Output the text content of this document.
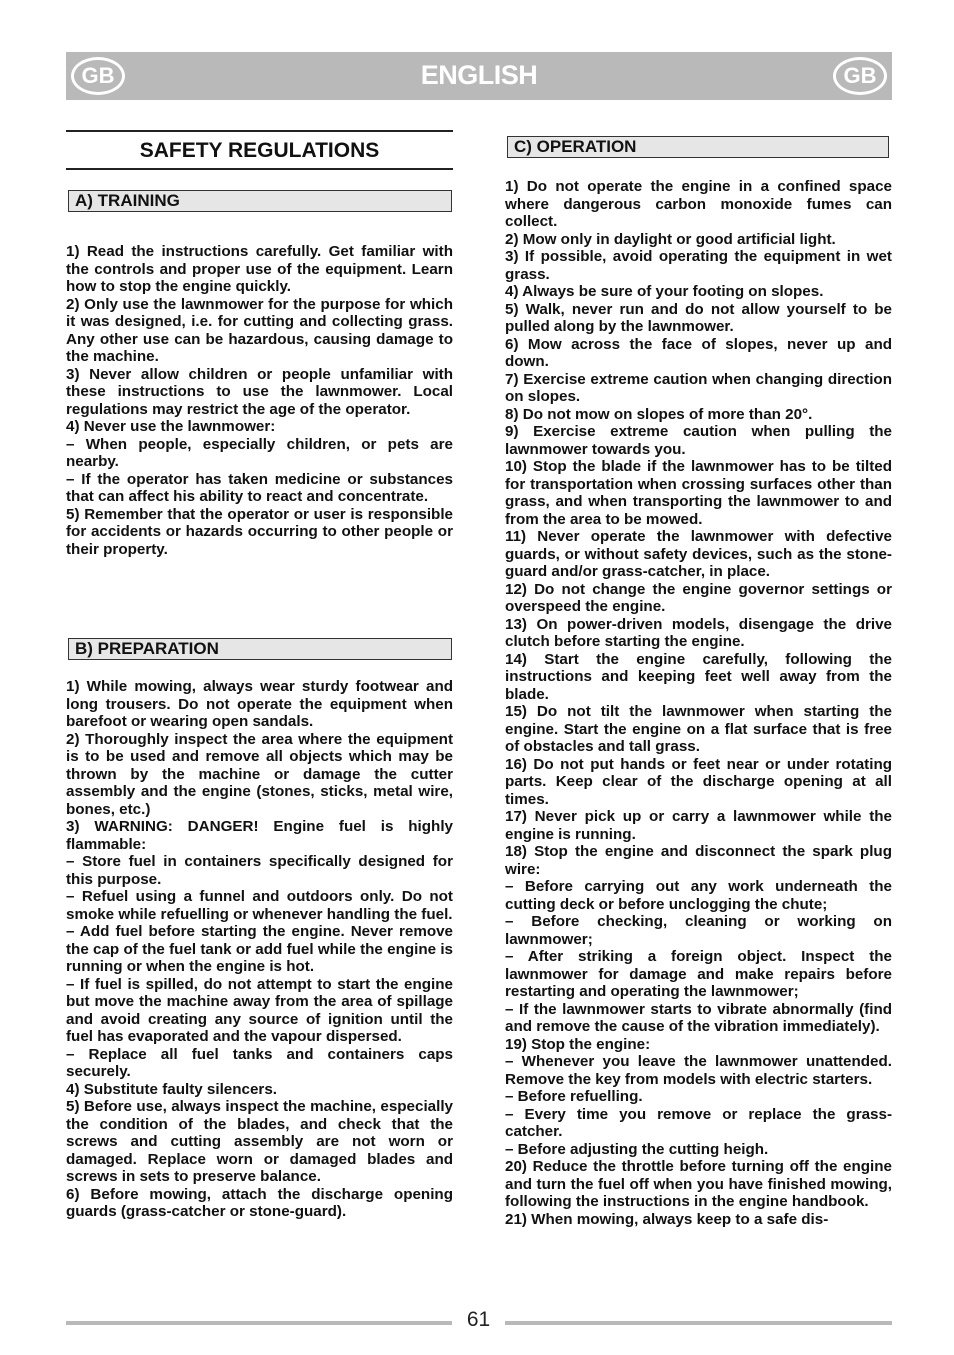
GB	ENGLISH	GB
SAFETY REGULATIONS
A) TRAINING

1) Read the instructions carefully. Get familiar with the controls and proper use of the equipment. Learn how to stop the engine quickly.

2) Only use the lawnmower for the purpose for which it was designed, i.e. for cutting and collecting grass. Any other use can be hazardous, causing damage to the machine.

3) Never allow children or people unfamiliar with these instructions to use the lawnmower. Local regulations may restrict the age of the operator.

4) Never use the lawnmower:

– When people, especially children, or pets are nearby.

– If the operator has taken medicine or substances that can affect his ability to react and concentrate.

5) Remember that the operator or user is responsible for accidents or hazards occurring to other people or their property.

B) PREPARATION

1) While mowing, always wear sturdy footwear and long trousers. Do not operate the equipment when barefoot or wearing open sandals.

2) Thoroughly inspect the area where the equipment is to be used and remove all objects which may be thrown by the machine or damage the cutter assembly and the engine (stones, sticks, metal wire, bones, etc.)

3) WARNING: DANGER! Engine fuel is highly flammable:

– Store fuel in containers specifically designed for this purpose.

– Refuel using a funnel and outdoors only. Do not smoke while refuelling or whenever handling the fuel.

– Add fuel before starting the engine. Never remove the cap of the fuel tank or add fuel while the engine is running or when the engine is hot.

– If fuel is spilled, do not attempt to start the engine but move the machine away from the area of spillage and avoid creating any source of ignition until the fuel has evaporated and the vapour dispersed.

– Replace all fuel tanks and containers caps securely.

4) Substitute faulty silencers.

5) Before use, always inspect the machine, especially the condition of the blades, and check that the screws and cutting assembly are not worn or damaged. Replace worn or damaged blades and screws in sets to preserve balance.

6) Before mowing, attach the discharge opening guards (grass-catcher or stone-guard).

C) OPERATION

1) Do not operate the engine in a confined space where dangerous carbon monoxide fumes can collect.

2) Mow only in daylight or good artificial light.

3) If possible, avoid operating the equipment in wet grass.

4) Always be sure of your footing on slopes.

5) Walk, never run and do not allow yourself to be pulled along by the lawnmower.

6) Mow across the face of slopes, never up and down.

7) Exercise extreme caution when changing direction on slopes.

8) Do not mow on slopes of more than 20°.

9) Exercise extreme caution when pulling the lawnmower towards you.

10) Stop the blade if the lawnmower has to be tilted for transportation when crossing surfaces other than grass, and when transporting the lawnmower to and from the area to be mowed.

11) Never operate the lawnmower with defective guards, or without safety devices, such as the stone-guard and/or grass-catcher, in place.

12) Do not change the engine governor settings or overspeed the engine.

13) On power-driven models, disengage the drive clutch before starting the engine.

14) Start the engine carefully, following the instructions and keeping feet well away from the blade.

15) Do not tilt the lawnmower when starting the engine. Start the engine on a flat surface that is free of obstacles and tall grass.

16) Do not put hands or feet near or under rotating parts. Keep clear of the discharge opening at all times.

17) Never pick up or carry a lawnmower while the engine is running.

18) Stop the engine and disconnect the spark plug wire:

– Before carrying out any work underneath the cutting deck or before unclogging the chute;

– Before checking, cleaning or working on lawnmower;

– After striking a foreign object. Inspect the lawnmower for damage and make repairs before restarting and operating the lawnmower;

– If the lawnmower starts to vibrate abnormally (find and remove the cause of the vibration immediately).

19) Stop the engine:

– Whenever you leave the lawnmower unattended. Remove the key from models with electric starters.

– Before refuelling.

– Every time you remove or replace the grass-catcher.

– Before adjusting the cutting heigh.

20) Reduce the throttle before turning off the engine and turn the fuel off when you have finished mowing, following the instructions in the engine handbook.

21) When mowing, always keep to a safe dis-

61
